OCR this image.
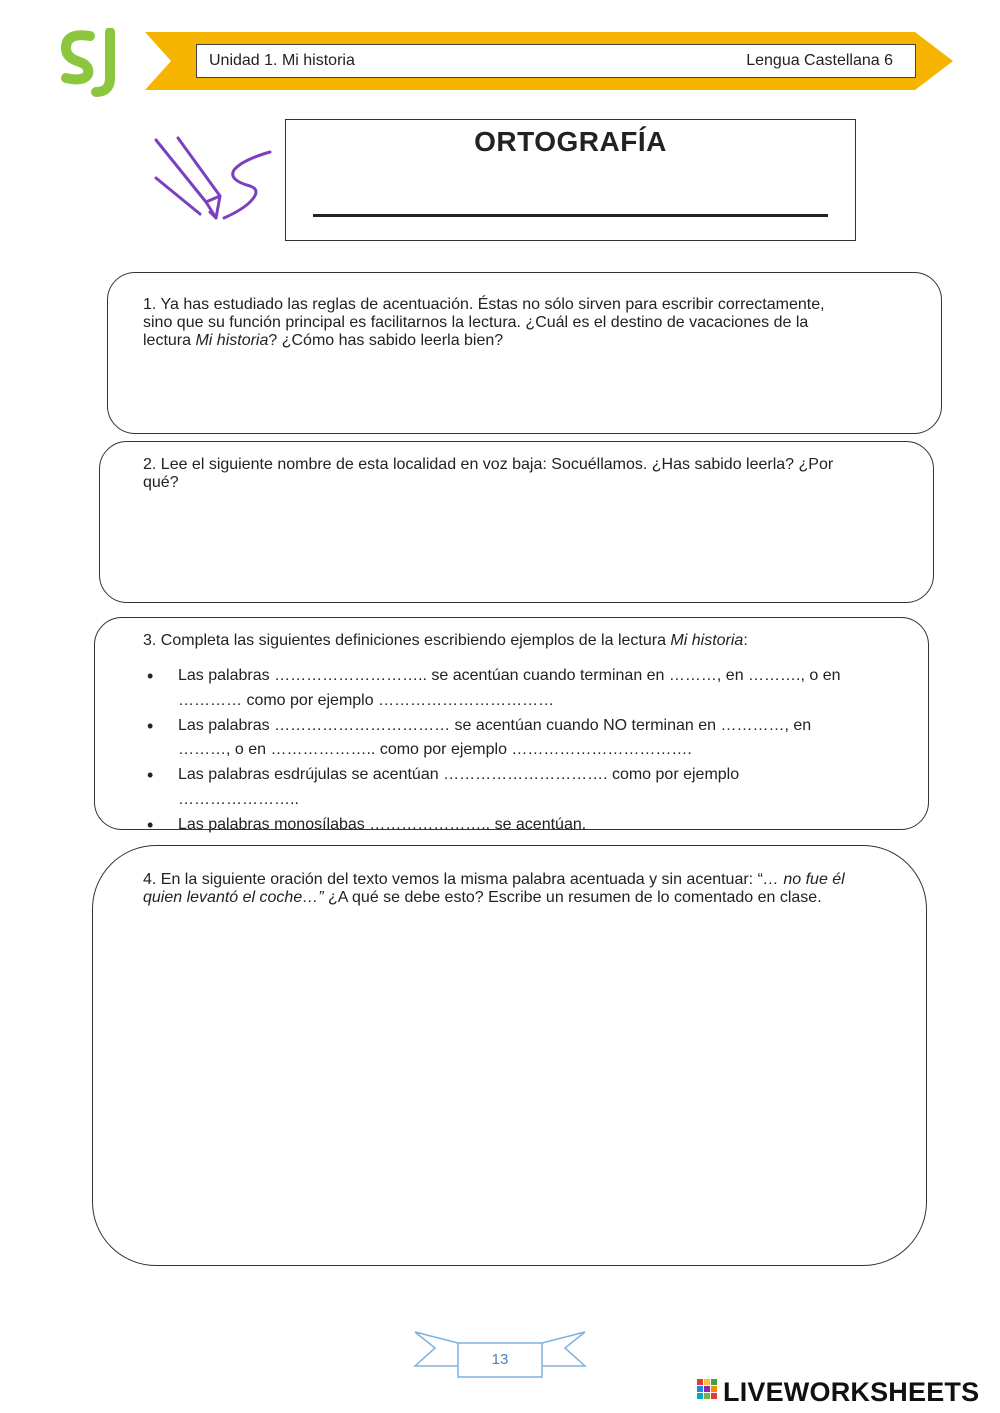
Unidad 1. Mi historia	Lengua Castellana 6
ORTOGRAFÍA

1. Ya has estudiado las reglas de acentuación. Éstas no sólo sirven para escribir correctamente, sino que su función principal es facilitarnos la lectura. ¿Cuál es el destino de vacaciones de la lectura Mi historia? ¿Cómo has sabido leerla bien?

2. Lee el siguiente nombre de esta localidad en voz baja: Socuéllamos. ¿Has sabido leerla? ¿Por qué?

3. Completa las siguientes definiciones escribiendo ejemplos de la lectura Mi historia:

• Las palabras ……………………….. se acentúan cuando terminan en ………, en ………., o en ………… como por ejemplo ……………………………
• Las palabras …………………………… se acentúan cuando NO terminan en …………, en ………, o en ……………….. como por ejemplo …………………………….
• Las palabras esdrújulas se acentúan …………………………. como por ejemplo …………………..
• Las palabras monosílabas ………………….. se acentúan.

4. En la siguiente oración del texto vemos la misma palabra acentuada y sin acentuar: “… no fue él quien levantó el coche…” ¿A qué se debe esto? Escribe un resumen de lo comentado en clase.

13
LIVEWORKSHEETS
